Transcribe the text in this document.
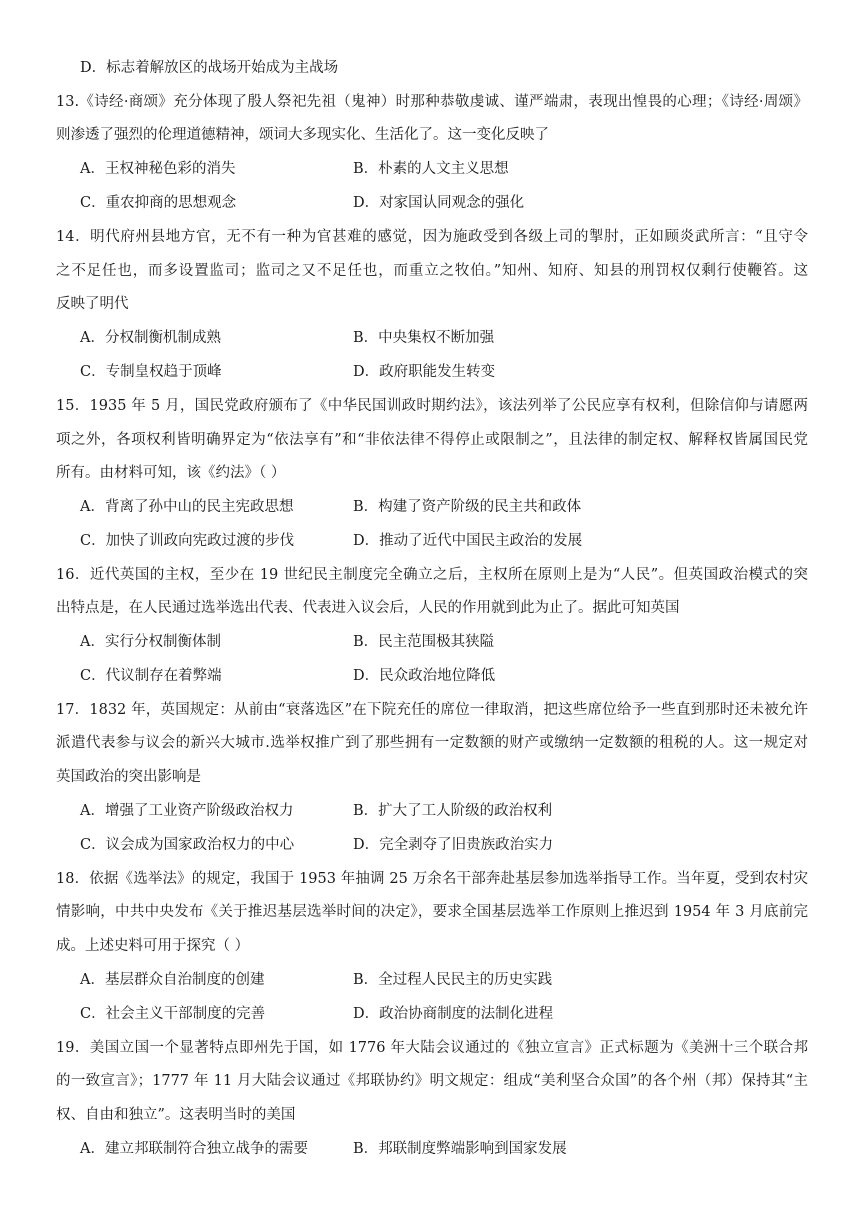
D．标志着解放区的战场开始成为主战场
13.《诗经·商颂》充分体现了殷人祭祀先祖（鬼神）时那种恭敬虔诚、谨严端肃，表现出惶畏的心理；《诗经·周颂》
则渗透了强烈的伦理道德精神，颂词大多现实化、生活化了。这一变化反映了
A．王权神秘色彩的消失	B．朴素的人文主义思想
C．重农抑商的思想观念	D．对家国认同观念的强化
14．明代府州县地方官，无不有一种为官甚难的感觉，因为施政受到各级上司的掣肘，正如顾炎武所言：“且守令
之不足任也，而多设置监司；监司之又不足任也，而重立之牧伯。”知州、知府、知县的刑罚权仅剩行使鞭笞。这
反映了明代
A．分权制衡机制成熟	B．中央集权不断加强
C．专制皇权趋于顶峰	D．政府职能发生转变
15．1935 年 5 月，国民党政府颁布了《中华民国训政时期约法》，该法列举了公民应享有权利，但除信仰与请愿两
项之外，各项权利皆明确界定为“依法享有”和“非依法律不得停止或限制之”，且法律的制定权、解释权皆属国民党
所有。由材料可知，该《约法》（ ）
A．背离了孙中山的民主宪政思想	B．构建了资产阶级的民主共和政体
C．加快了训政向宪政过渡的步伐	D．推动了近代中国民主政治的发展
16．近代英国的主权，至少在 19 世纪民主制度完全确立之后，主权所在原则上是为“人民”。但英国政治模式的突
出特点是，在人民通过选举选出代表、代表进入议会后，人民的作用就到此为止了。据此可知英国
A．实行分权制衡体制	B．民主范围极其狭隘
C．代议制存在着弊端	D．民众政治地位降低
17．1832 年，英国规定：从前由“衰落选区”在下院充任的席位一律取消，把这些席位给予一些直到那时还未被允许
派遣代表参与议会的新兴大城市.选举权推广到了那些拥有一定数额的财产或缴纳一定数额的租税的人。这一规定对
英国政治的突出影响是
A．增强了工业资产阶级政治权力	B．扩大了工人阶级的政治权利
C．议会成为国家政治权力的中心	D．完全剥夺了旧贵族政治实力
18．依据《选举法》的规定，我国于 1953 年抽调 25 万余名干部奔赴基层参加选举指导工作。当年夏，受到农村灾
情影响，中共中央发布《关于推迟基层选举时间的决定》，要求全国基层选举工作原则上推迟到 1954 年 3 月底前完
成。上述史料可用于探究（ ）
A．基层群众自治制度的创建	B．全过程人民民主的历史实践
C．社会主义干部制度的完善	D．政治协商制度的法制化进程
19．美国立国一个显著特点即州先于国，如 1776 年大陆会议通过的《独立宣言》正式标题为《美洲十三个联合邦
的一致宣言》；1777 年 11 月大陆会议通过《邦联协约》明文规定：组成“美利坚合众国”的各个州（邦）保持其“主
权、自由和独立”。这表明当时的美国
A．建立邦联制符合独立战争的需要	B．邦联制度弊端影响到国家发展
